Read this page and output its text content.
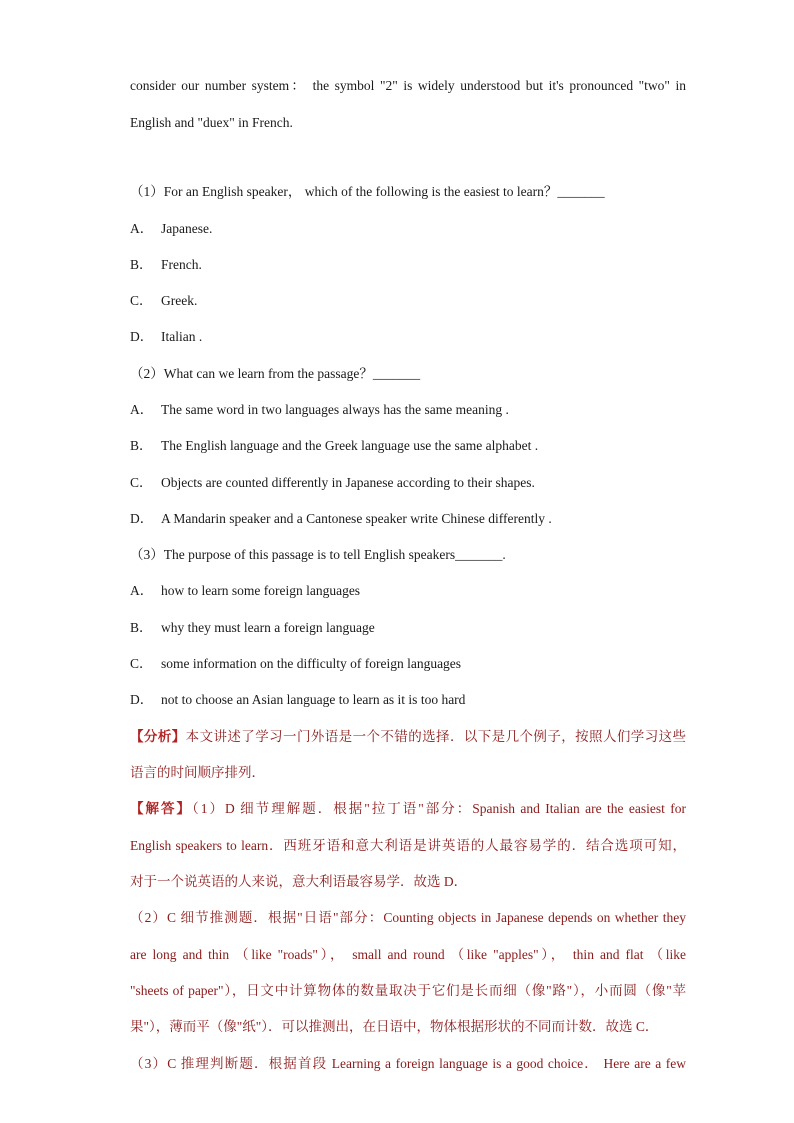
consider our number system： the symbol "2" is widely understood but it's pronounced "two" in
English and "duex" in French.
（1）For an English speaker， which of the following is the easiest to learn？_______
A． Japanese.
B． French.
C． Greek.
D． Italian .
（2）What can we learn from the passage？_______
A． The same word in two languages always has the same meaning .
B． The English language and the Greek language use the same alphabet .
C． Objects are counted differently in Japanese according to their shapes.
D． A Mandarin speaker and a Cantonese speaker write Chinese differently .
（3）The purpose of this passage is to tell English speakers_______.
A． how to learn some foreign languages
B． why they must learn a foreign language
C． some information on the difficulty of foreign languages
D． not to choose an Asian language to learn as it is too hard
【分析】本文讲述了学习一门外语是一个不错的选择．以下是几个例子，按照人们学习这些
语言的时间顺序排列．
【解答】（1）D 细节理解题．根据"拉丁语"部分：Spanish and Italian are the easiest for
English speakers to learn．西班牙语和意大利语是讲英语的人最容易学的．结合选项可知，
对于一个说英语的人来说，意大利语最容易学．故选 D．
（2）C 细节推测题．根据"日语"部分：Counting objects in Japanese depends on whether they
are long and thin （like "roads"）， small and round （like "apples"）， thin and flat （like
"sheets of paper"），日文中计算物体的数量取决于它们是长而细（像"路"），小而圆（像"苹
果"），薄而平（像"纸"）．可以推测出，在日语中，物体根据形状的不同而计数．故选 C．
（3）C 推理判断题．根据首段 Learning a foreign language is a good choice． Here are a few
